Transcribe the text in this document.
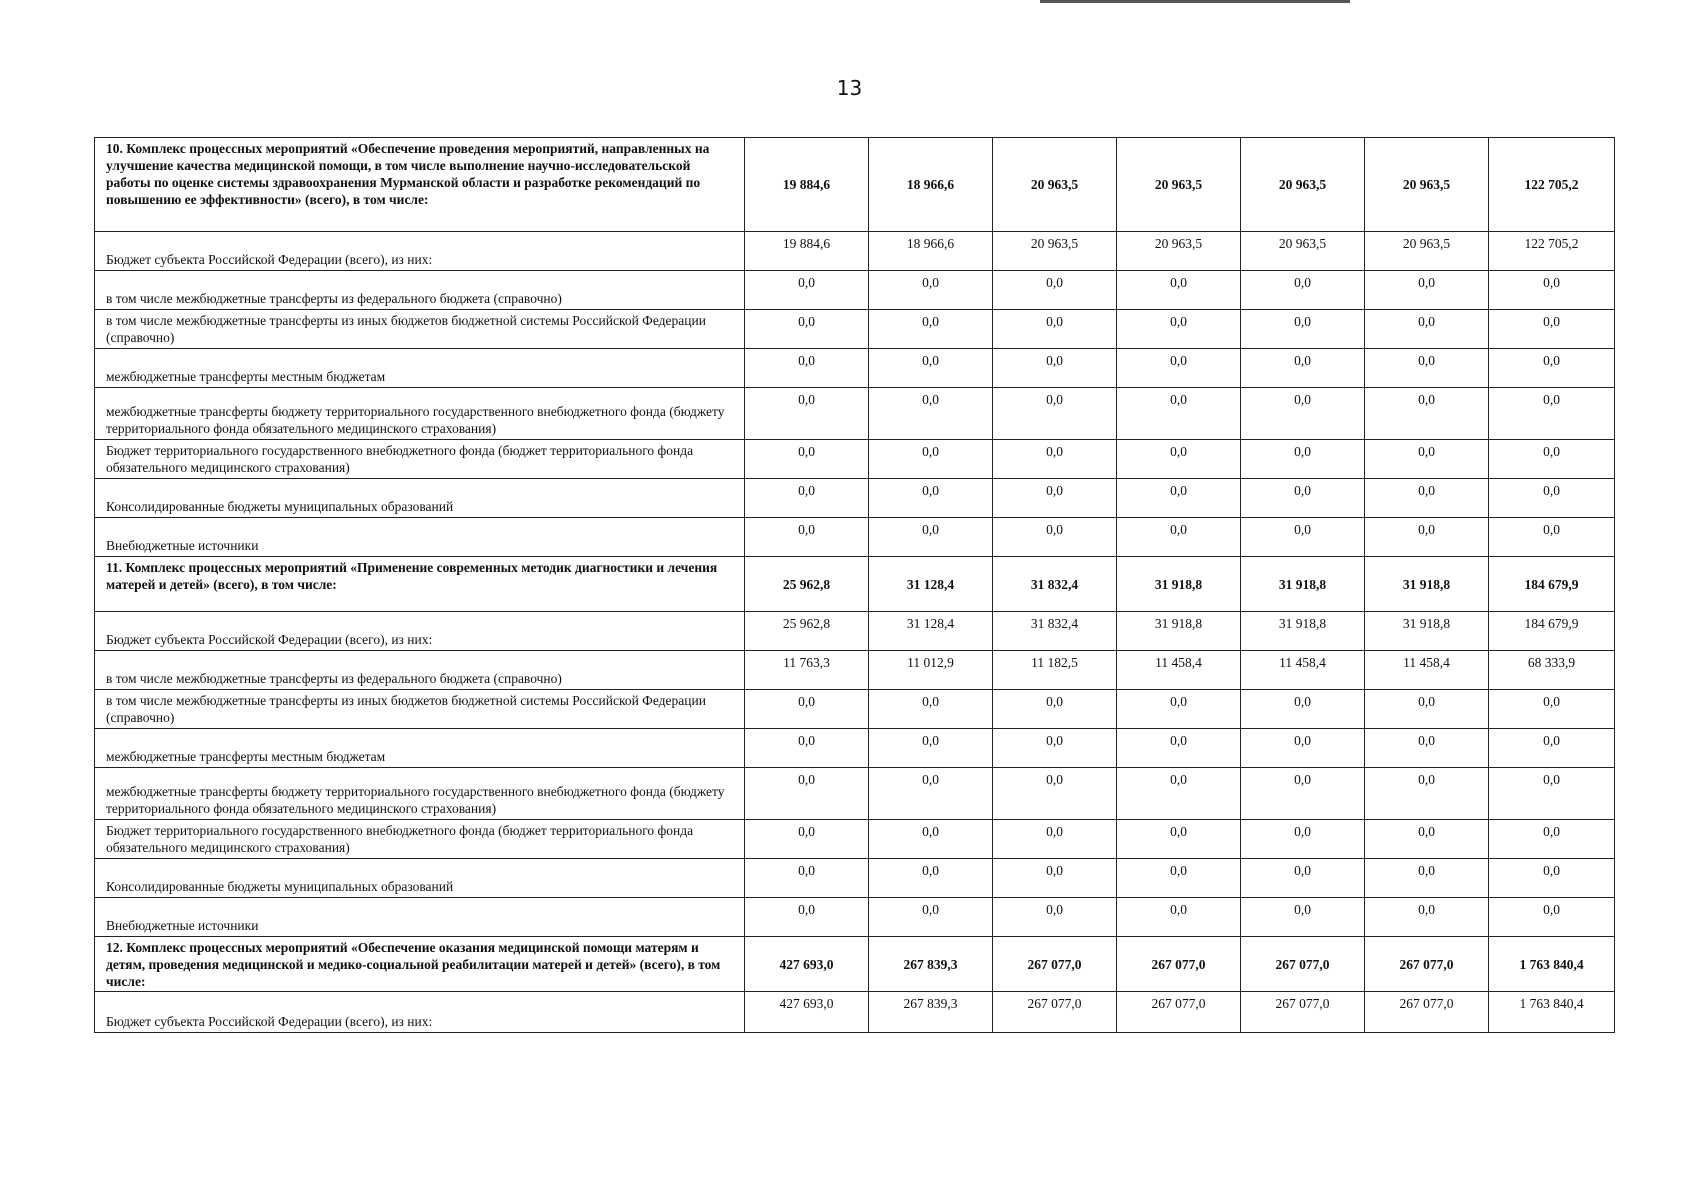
13
10. Комплекс процессных мероприятий «Обеспечение проведения мероприятий, направленных на улучшение качества медицинской помощи, в том числе выполнение научно-исследовательской работы по оценке системы здравоохранения Мурманской области и разработке рекомендаций по повышению ее эффективности» (всего), в том числе:	19 884,6	18 966,6	20 963,5	20 963,5	20 963,5	20 963,5	122 705,2
Бюджет субъекта Российской Федерации (всего), из них:	19 884,6	18 966,6	20 963,5	20 963,5	20 963,5	20 963,5	122 705,2
в том числе межбюджетные трансферты из федерального бюджета (справочно)	0,0	0,0	0,0	0,0	0,0	0,0	0,0
в том числе межбюджетные трансферты из иных бюджетов бюджетной системы Российской Федерации (справочно)	0,0	0,0	0,0	0,0	0,0	0,0	0,0
межбюджетные трансферты местным бюджетам	0,0	0,0	0,0	0,0	0,0	0,0	0,0
межбюджетные трансферты бюджету территориального государственного внебюджетного фонда (бюджету территориального фонда обязательного медицинского страхования)	0,0	0,0	0,0	0,0	0,0	0,0	0,0
Бюджет территориального государственного внебюджетного фонда (бюджет территориального фонда обязательного медицинского страхования)	0,0	0,0	0,0	0,0	0,0	0,0	0,0
Консолидированные бюджеты муниципальных образований	0,0	0,0	0,0	0,0	0,0	0,0	0,0
Внебюджетные источники	0,0	0,0	0,0	0,0	0,0	0,0	0,0
11. Комплекс процессных мероприятий «Применение современных методик диагностики и лечения матерей и детей» (всего), в том числе:	25 962,8	31 128,4	31 832,4	31 918,8	31 918,8	31 918,8	184 679,9
Бюджет субъекта Российской Федерации (всего), из них:	25 962,8	31 128,4	31 832,4	31 918,8	31 918,8	31 918,8	184 679,9
в том числе межбюджетные трансферты из федерального бюджета (справочно)	11 763,3	11 012,9	11 182,5	11 458,4	11 458,4	11 458,4	68 333,9
в том числе межбюджетные трансферты из иных бюджетов бюджетной системы Российской Федерации (справочно)	0,0	0,0	0,0	0,0	0,0	0,0	0,0
межбюджетные трансферты местным бюджетам	0,0	0,0	0,0	0,0	0,0	0,0	0,0
межбюджетные трансферты бюджету территориального государственного внебюджетного фонда (бюджету территориального фонда обязательного медицинского страхования)	0,0	0,0	0,0	0,0	0,0	0,0	0,0
Бюджет территориального государственного внебюджетного фонда (бюджет территориального фонда обязательного медицинского страхования)	0,0	0,0	0,0	0,0	0,0	0,0	0,0
Консолидированные бюджеты муниципальных образований	0,0	0,0	0,0	0,0	0,0	0,0	0,0
Внебюджетные источники	0,0	0,0	0,0	0,0	0,0	0,0	0,0
12. Комплекс процессных мероприятий «Обеспечение оказания медицинской помощи матерям и детям, проведения медицинской и медико-социальной реабилитации матерей и детей» (всего), в том числе:	427 693,0	267 839,3	267 077,0	267 077,0	267 077,0	267 077,0	1 763 840,4
Бюджет субъекта Российской Федерации (всего), из них:	427 693,0	267 839,3	267 077,0	267 077,0	267 077,0	267 077,0	1 763 840,4
